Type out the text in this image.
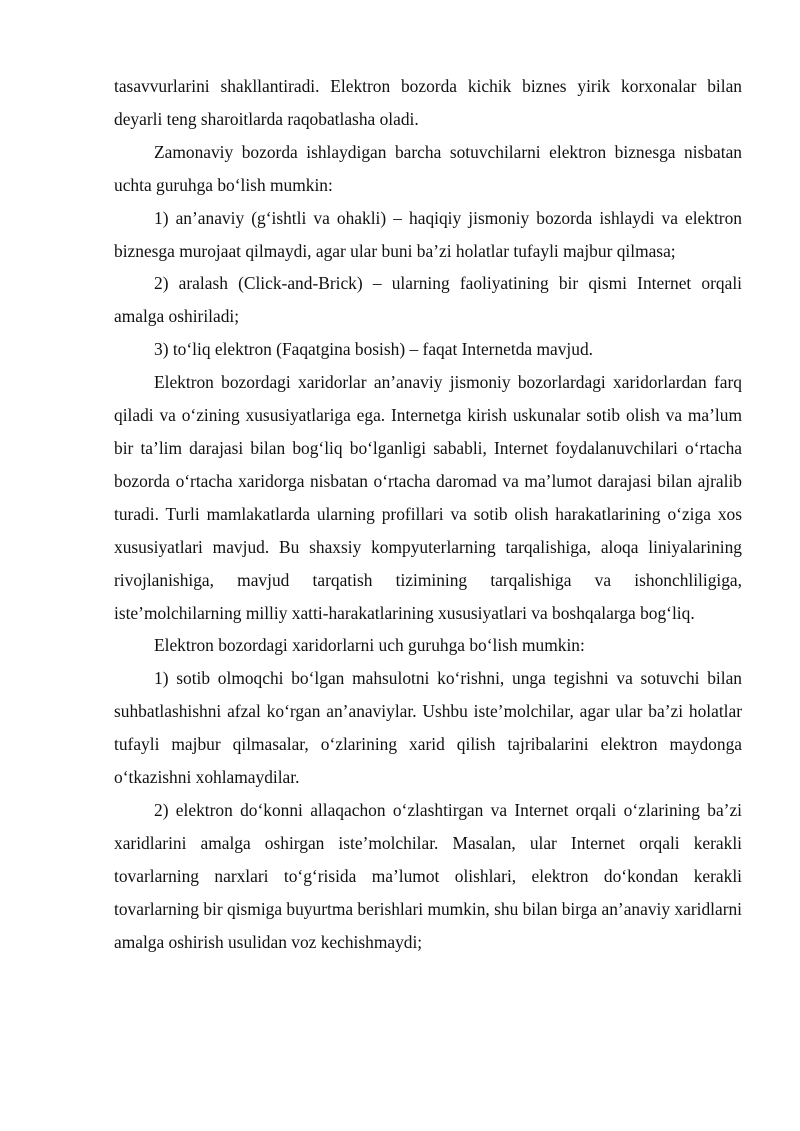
tasavvurlarini shakllantiradi. Elektron bozorda kichik biznes yirik korxonalar bilan deyarli teng sharoitlarda raqobatlasha oladi.

Zamonaviy bozorda ishlaydigan barcha sotuvchilarni elektron biznesga nisbatan uchta guruhga boʻlish mumkin:

1) an’anaviy (gʻishtli va ohakli) – haqiqiy jismoniy bozorda ishlaydi va elektron biznesga murojaat qilmaydi, agar ular buni ba’zi holatlar tufayli majbur qilmasa;

2) aralash (Click-and-Brick) – ularning faoliyatining bir qismi Internet orqali amalga oshiriladi;

3) toʻliq elektron (Faqatgina bosish) – faqat Internetda mavjud.

Elektron bozordagi xaridorlar an’anaviy jismoniy bozorlardagi xaridorlardan farq qiladi va oʻzining xususiyatlariga ega. Internetga kirish uskunalar sotib olish va ma’lum bir ta’lim darajasi bilan bogʻliq boʻlganligi sababli, Internet foydalanuvchilari oʻrtacha bozorda oʻrtacha xaridorga nisbatan oʻrtacha daromad va ma’lumot darajasi bilan ajralib turadi. Turli mamlakatlarda ularning profillari va sotib olish harakatlarining oʻziga xos xususiyatlari mavjud. Bu shaxsiy kompyuterlarning tarqalishiga, aloqa liniyalarining rivojlanishiga, mavjud tarqatish tizimining tarqalishiga va ishonchliligiga, iste’molchilarning milliy xatti-harakatlarining xususiyatlari va boshqalarga bogʻliq.

Elektron bozordagi xaridorlarni uch guruhga boʻlish mumkin:

1) sotib olmoqchi boʻlgan mahsulotni koʻrishni, unga tegishni va sotuvchi bilan suhbatlashishni afzal koʻrgan an’anaviylar. Ushbu iste’molchilar, agar ular ba’zi holatlar tufayli majbur qilmasalar, oʻzlarining xarid qilish tajribalarini elektron maydonga oʻtkazishni xohlamaydilar.

2) elektron doʻkonni allaqachon oʻzlashtirgan va Internet orqali oʻzlarining ba’zi xaridlarini amalga oshirgan iste’molchilar. Masalan, ular Internet orqali kerakli tovarlarning narxlari toʻgʻrisida ma’lumot olishlari, elektron doʻkondan kerakli tovarlarning bir qismiga buyurtma berishlari mumkin, shu bilan birga an’anaviy xaridlarni amalga oshirish usulidan voz kechishmaydi;
